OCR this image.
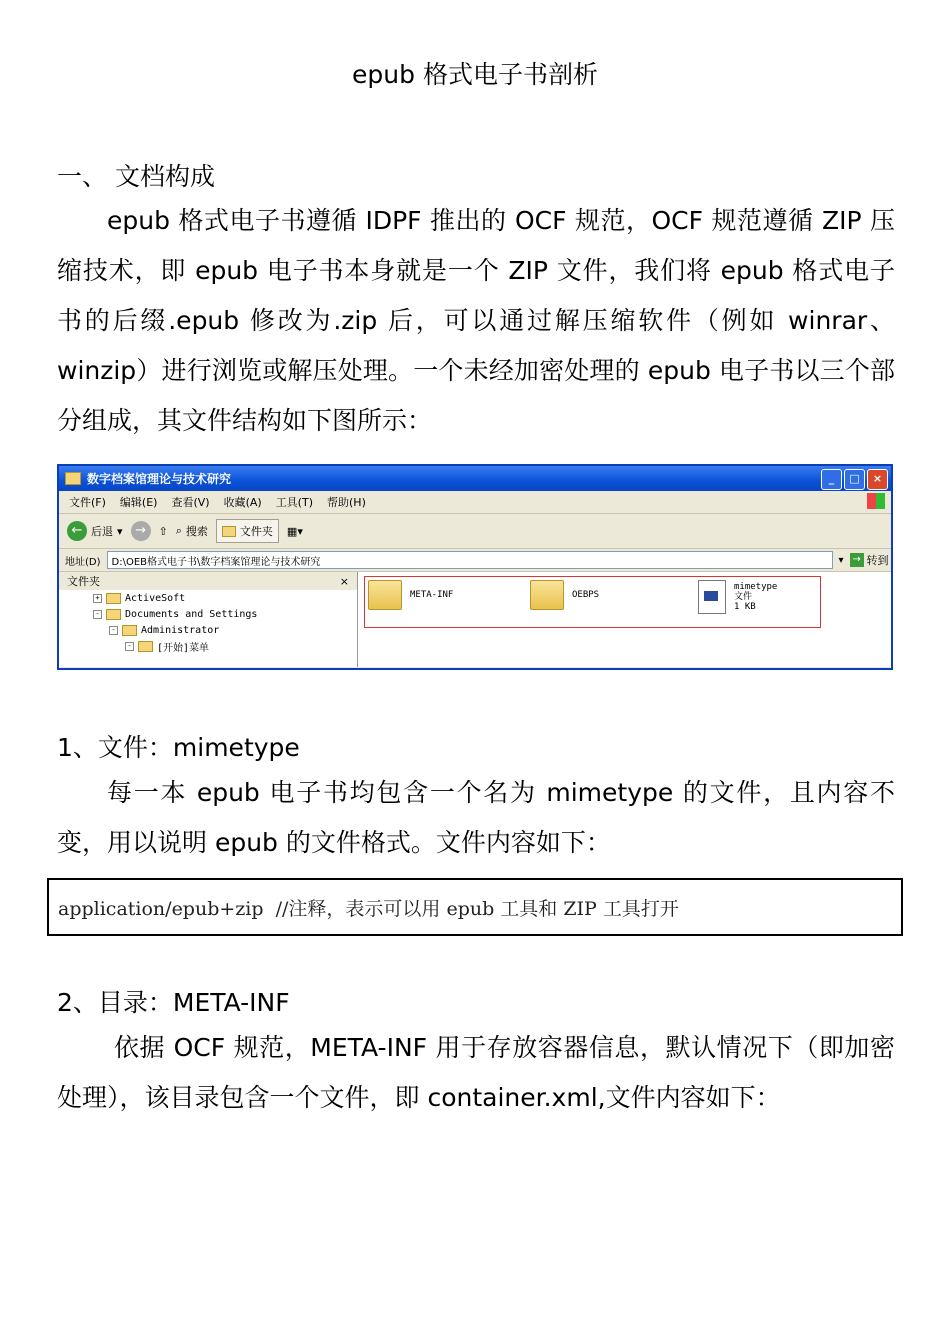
epub 格式电子书剖析
一、 文档构成

epub 格式电子书遵循 IDPF 推出的 OCF 规范，OCF 规范遵循 ZIP 压缩技术，即 epub 电子书本身就是一个 ZIP 文件，我们将 epub 格式电子书的后缀.epub 修改为.zip 后，可以通过解压缩软件（例如 winrar、winzip）进行浏览或解压处理。一个未经加密处理的 epub 电子书以三个部分组成，其文件结构如下图所示：

数字档案馆理论与技术研究	_	□	×
文件(F) 编辑(E) 查看(V) 收藏(A) 工具(T) 帮助(H)
← 后退 ▾ →	⇧ ⌕ 搜索	文件夹 ▦▾
地址(D) D:\OEB格式电子书\数字档案馆理论与技术研究	▾ → 转到
文件夹	×
+	ActiveSoft
-	Documents and Settings
-	Administrator
-	[开始]菜单
META-INF	OEBPS
mimetype
文件
1 KB
1、文件：mimetype

每一本 epub 电子书均包含一个名为 mimetype 的文件，且内容不变，用以说明 epub 的文件格式。文件内容如下：

application/epub+zip  //注释，表示可以用 epub 工具和 ZIP 工具打开
2、目录：META-INF

依据 OCF 规范，META-INF 用于存放容器信息，默认情况下（即加密处理），该目录包含一个文件，即 container.xml,文件内容如下：
